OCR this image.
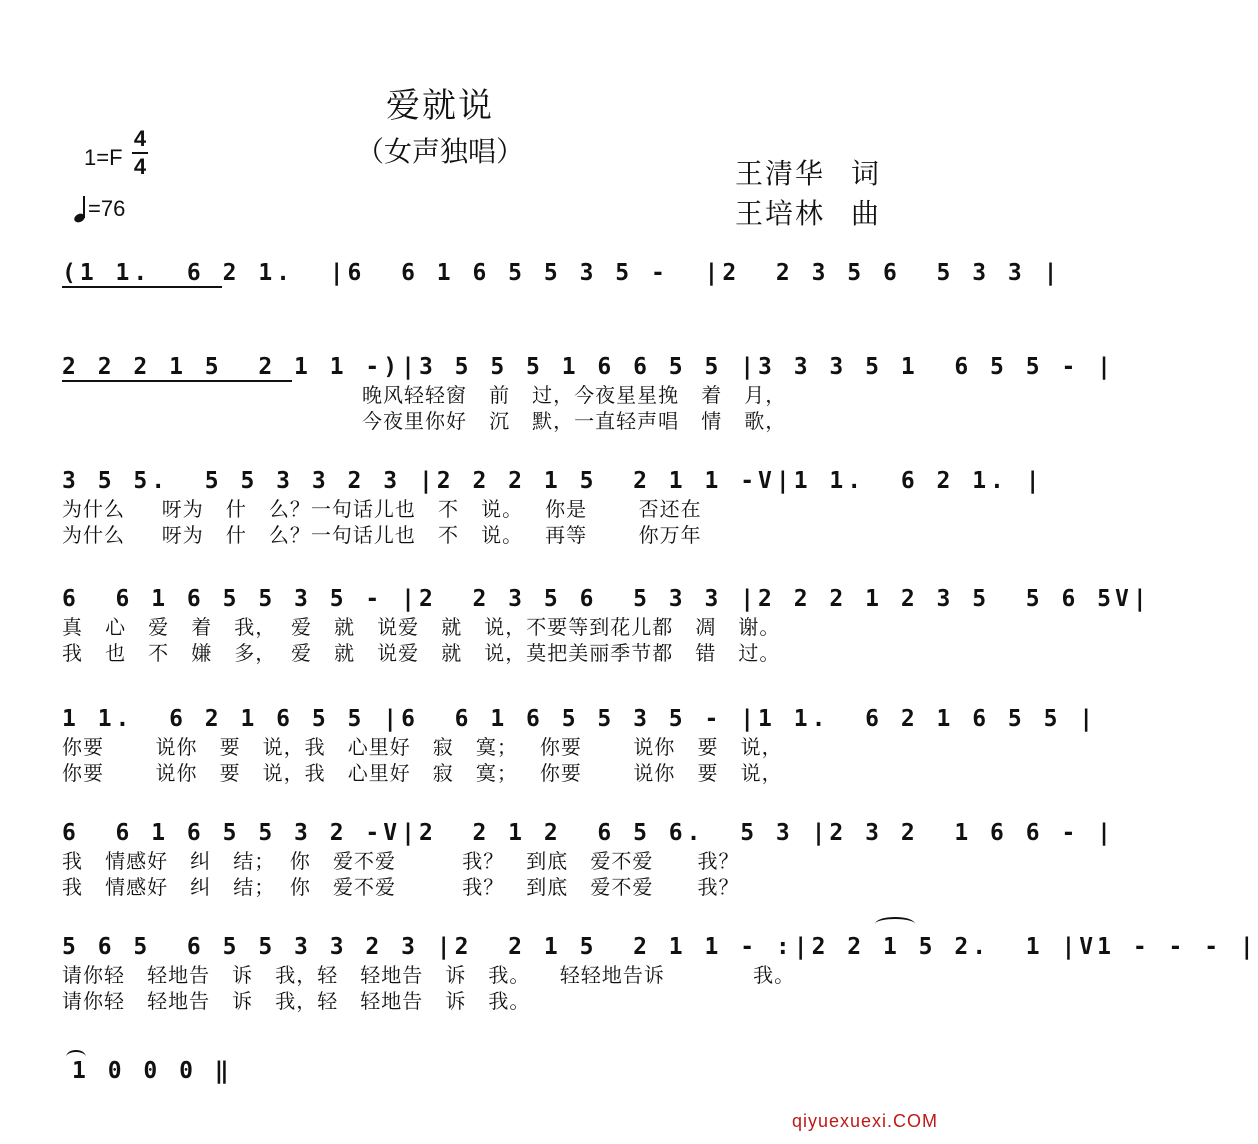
爱就说
（女声独唱）
1=F
4
4
=76
王清华 词
王培林 曲
(1 1.  6 2 1.  |6  6 1 6 5 5 3 5 -  |2  2 3 5 6  5 3 3 |
2 2 2 1 5  2 1 1 -)|3 5 5 5 1 6 6 5 5 |3 3 3 5 1  6 5 5 - |
晚风轻轻窗   前   过，今夜星星挽   着   月，
今夜里你好   沉   默，一直轻声唱   情   歌，
3 5 5.  5 5 3 3 2 3 |2 2 2 1 5  2 1 1 -V|1 1.  6 2 1. |
为什么     呀为   什   么？一句话儿也   不   说。   你是       否还在
为什么     呀为   什   么？一句话儿也   不   说。   再等       你万年
6  6 1 6 5 5 3 5 - |2  2 3 5 6  5 3 3 |2 2 2 1 2 3 5  5 6 5V|
真   心   爱   着   我，  爱   就   说爱   就   说，不要等到花儿都   凋   谢。
我   也   不   嫌   多，  爱   就   说爱   就   说，莫把美丽季节都   错   过。
1 1.  6 2 1 6 5 5 |6  6 1 6 5 5 3 5 - |1 1.  6 2 1 6 5 5 |
你要       说你   要   说，我   心里好   寂   寞；   你要       说你   要   说，
你要       说你   要   说，我   心里好   寂   寞；   你要       说你   要   说，
6  6 1 6 5 5 3 2 -V|2  2 1 2  6 5 6.  5 3 |2 3 2  1 6 6 - |
我   情感好   纠   结；  你   爱不爱         我？   到底   爱不爱      我？
我   情感好   纠   结；  你   爱不爱         我？   到底   爱不爱      我？
5 6 5  6 5 5 3 3 2 3 |2  2 1 5  2 1 1 - :|2 2 1 5 2.  1 |V1 - - - |
请你轻   轻地告   诉   我，轻   轻地告   诉   我。    轻轻地告诉            我。
请你轻   轻地告   诉   我，轻   轻地告   诉   我。
1 0 0 0 ‖
qiyuexuexi.COM
